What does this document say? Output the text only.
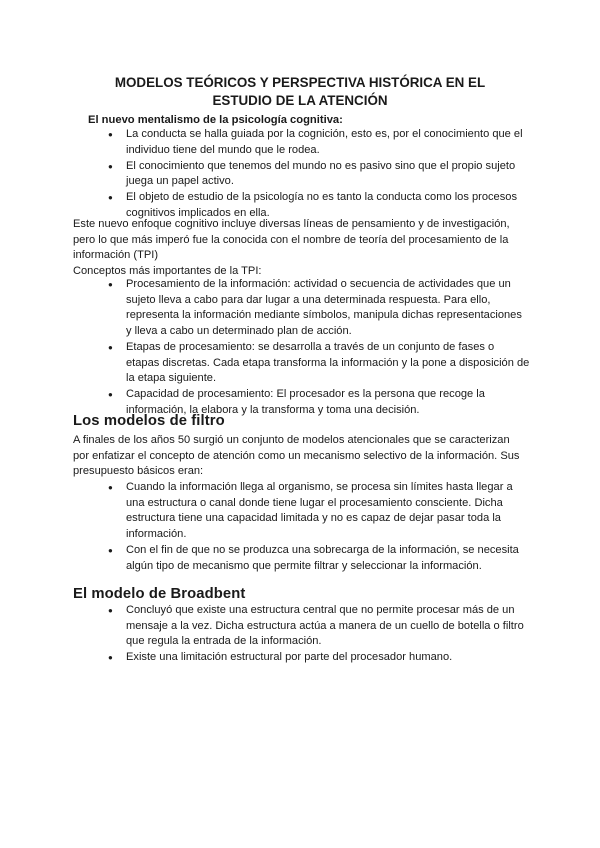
MODELOS TEÓRICOS Y PERSPECTIVA HISTÓRICA EN EL ESTUDIO DE LA ATENCIÓN

El nuevo mentalismo de la psicología cognitiva:

● La conducta se halla guiada por la cognición, esto es, por el conocimiento que el individuo tiene del mundo que le rodea.
● El conocimiento que tenemos del mundo no es pasivo sino que el propio sujeto juega un papel activo.
● El objeto de estudio de la psicología no es tanto la conducta como los procesos cognitivos implicados en ella.

Este nuevo enfoque cognitivo incluye diversas líneas de pensamiento y de investigación, pero lo que más imperó fue la conocida con el nombre de teoría del procesamiento de la información (TPI)

Conceptos más importantes de la TPI:

● Procesamiento de la información: actividad o secuencia de actividades que un sujeto lleva a cabo para dar lugar a una determinada respuesta. Para ello, representa la información mediante símbolos, manipula dichas representaciones y lleva a cabo un determinado plan de acción.
● Etapas de procesamiento: se desarrolla a través de un conjunto de fases o etapas discretas. Cada etapa transforma la información y la pone a disposición de la etapa siguiente.
● Capacidad de procesamiento: El procesador es la persona que recoge la información, la elabora y la transforma y toma una decisión.
Los modelos de filtro

A finales de los años 50 surgió un conjunto de modelos atencionales que se caracterizan por enfatizar el concepto de atención como un mecanismo selectivo de la información. Sus presupuesto básicos eran:

● Cuando la información llega al organismo, se procesa sin límites hasta llegar a una estructura o canal donde tiene lugar el procesamiento consciente. Dicha estructura tiene una capacidad limitada y no es capaz de dejar pasar toda la información.
● Con el fin de que no se produzca una sobrecarga de la información, se necesita algún tipo de mecanismo que permite filtrar y seleccionar la información.
El modelo de Broadbent
● Concluyó que existe una estructura central que no permite procesar más de un mensaje a la vez. Dicha estructura actúa a manera de un cuello de botella o filtro que regula la entrada de la información.
● Existe una limitación estructural por parte del procesador humano.
